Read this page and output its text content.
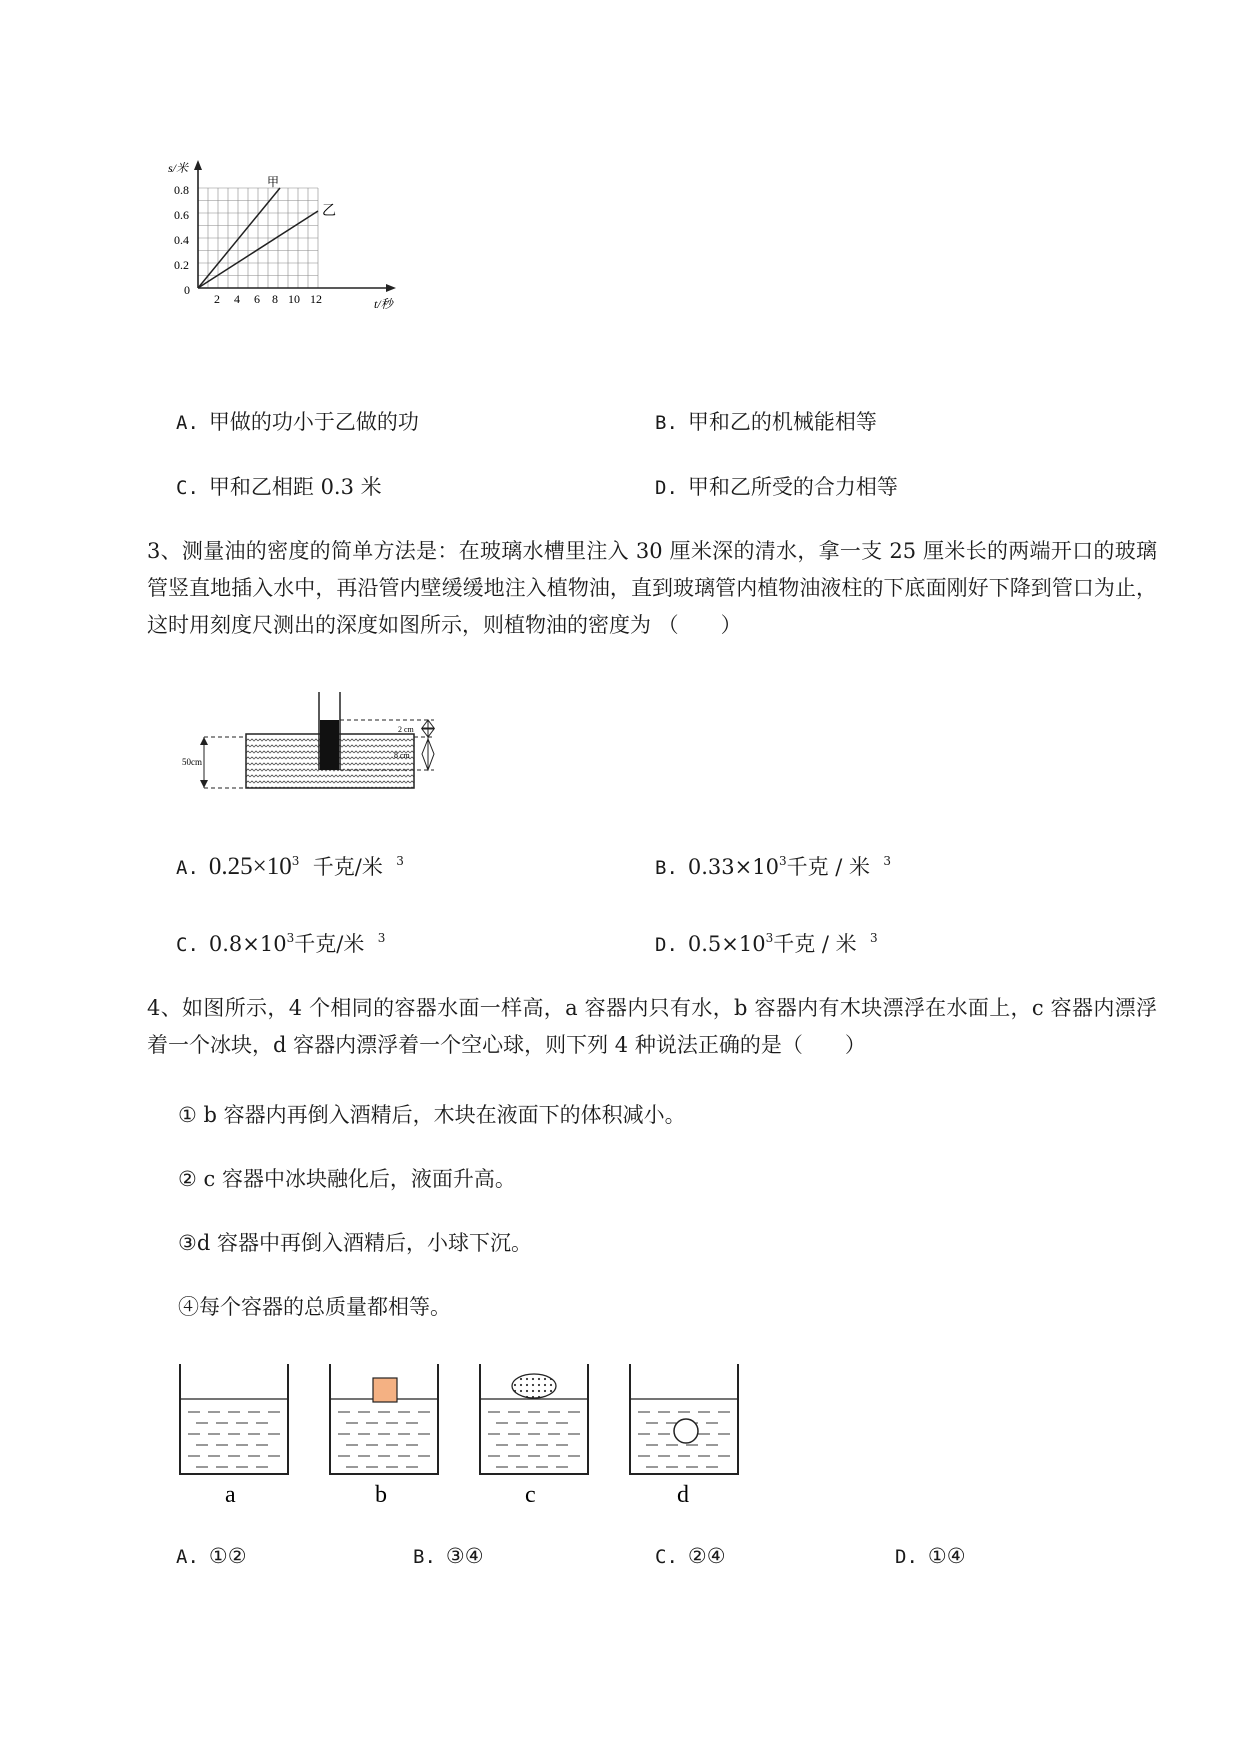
s/米
甲
乙
0
0.8
0.6
0.4
0.2
2 4 6 8 10 12	t/秒
A. 甲做的功小于乙做的功	B. 甲和乙的机械能相等
C. 甲和乙相距 0.3 米	D. 甲和乙所受的合力相等
3、测量油的密度的简单方法是：在玻璃水槽里注入 30 厘米深的清水，拿一支 25 厘米长的两端开口的玻璃管竖直地插入水中，再沿管内壁缓缓地注入植物油，直到玻璃管内植物油液柱的下底面刚好下降到管口为止，这时用刻度尺测出的深度如图所示，则植物油的密度为 （　　）
50cm
2 cm
8 cm
A. $0.25\times 10^3$ 千克/米 $^3$	B. $0.33\times 10^3$千克 / 米 $^3$
C. $0.8\times 10^3$千克/米 $^3$	D. $0.5\times 10^3$千克 / 米 $^3$
4、如图所示，4 个相同的容器水面一样高，a 容器内只有水，b 容器内有木块漂浮在水面上，c 容器内漂浮着一个冰块，d 容器内漂浮着一个空心球，则下列 4 种说法正确的是（　　）
① b 容器内再倒入酒精后，木块在液面下的体积减小。
② c 容器中冰块融化后，液面升高。
③d 容器中再倒入酒精后，小球下沉。
④每个容器的总质量都相等。
a	b	c	d
A. ①②	B. ③④	C. ②④	D. ①④
